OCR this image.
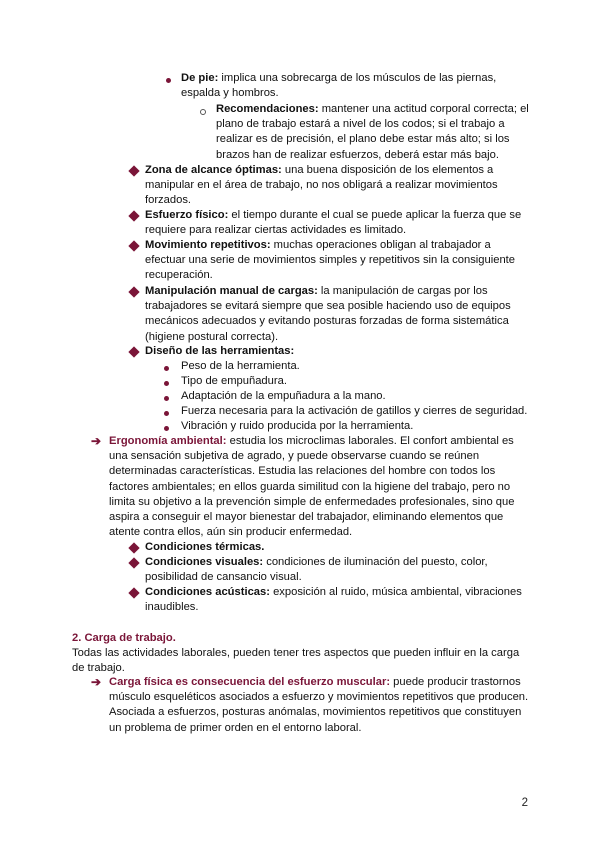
De pie: implica una sobrecarga de los músculos de las piernas, espalda y hombros.
Recomendaciones: mantener una actitud corporal correcta; el plano de trabajo estará a nivel de los codos; si el trabajo a realizar es de precisión, el plano debe estar más alto; si los brazos han de realizar esfuerzos, deberá estar más bajo.
Zona de alcance óptimas: una buena disposición de los elementos a manipular en el área de trabajo, no nos obligará a realizar movimientos forzados.
Esfuerzo físico: el tiempo durante el cual se puede aplicar la fuerza que se requiere para realizar ciertas actividades es limitado.
Movimiento repetitivos: muchas operaciones obligan al trabajador a efectuar una serie de movimientos simples y repetitivos sin la consiguiente recuperación.
Manipulación manual de cargas: la manipulación de cargas por los trabajadores se evitará siempre que sea posible haciendo uso de equipos mecánicos adecuados y evitando posturas forzadas de forma sistemática (higiene postural correcta).
Diseño de las herramientas:
Peso de la herramienta.
Tipo de empuñadura.
Adaptación de la empuñadura a la mano.
Fuerza necesaria para la activación de gatillos y cierres de seguridad.
Vibración y ruido producida por la herramienta.
➔ Ergonomía ambiental: estudia los microclimas laborales. El confort ambiental es una sensación subjetiva de agrado, y puede observarse cuando se reúnen determinadas características. Estudia las relaciones del hombre con todos los factores ambientales; en ellos guarda similitud con la higiene del trabajo, pero no limita su objetivo a la prevención simple de enfermedades profesionales, sino que aspira a conseguir el mayor bienestar del trabajador, eliminando elementos que atente contra ellos, aún sin producir enfermedad.
Condiciones térmicas.
Condiciones visuales: condiciones de iluminación del puesto, color, posibilidad de cansancio visual.
Condiciones acústicas: exposición al ruido, música ambiental, vibraciones inaudibles.
2. Carga de trabajo.
Todas las actividades laborales, pueden tener tres aspectos que pueden influir en la carga de trabajo.
➔ Carga física es consecuencia del esfuerzo muscular: puede producir trastornos músculo esqueléticos asociados a esfuerzo y movimientos repetitivos que producen. Asociada a esfuerzos, posturas anómalas, movimientos repetitivos que constituyen un problema de primer orden en el entorno laboral.
2
